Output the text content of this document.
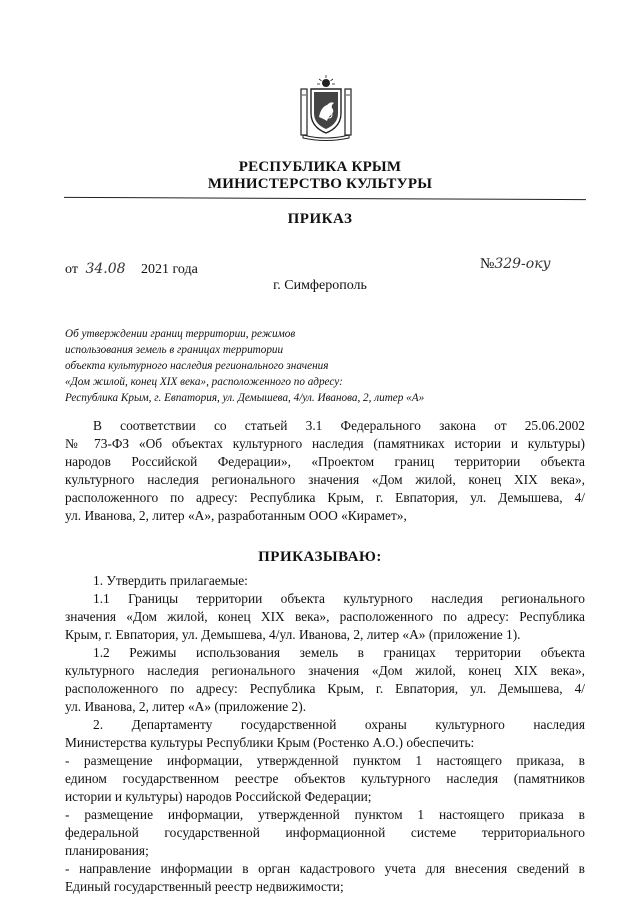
РЕСПУБЛИКА КРЫМ
МИНИСТЕРСТВО КУЛЬТУРЫ
ПРИКАЗ
от 34.08 2021 года	№329-оку
г. Симферополь
Об утверждении границ территории, режимов
использования земель в границах территории
объекта культурного наследия регионального значения
«Дом жилой, конец XIX века», расположенного по адресу:
Республика Крым, г. Евпатория, ул. Демышева, 4/ул. Иванова, 2, литер «А»
В соответствии со статьей 3.1 Федерального закона от 25.06.2002
№ 73-ФЗ «Об объектах культурного наследия (памятниках истории и культуры)
народов Российской Федерации», «Проектом границ территории объекта
культурного наследия регионального значения «Дом жилой, конец XIX века»,
расположенного по адресу: Республика Крым, г. Евпатория, ул. Демышева, 4/
ул. Иванова, 2, литер «А», разработанным ООО «Кирамет»,
ПРИКАЗЫВАЮ:
1. Утвердить прилагаемые:
1.1 Границы территории объекта культурного наследия регионального
значения «Дом жилой, конец XIX века», расположенного по адресу: Республика
Крым, г. Евпатория, ул. Демышева, 4/ул. Иванова, 2, литер «А» (приложение 1).
1.2 Режимы использования земель в границах территории объекта
культурного наследия регионального значения «Дом жилой, конец XIX века»,
расположенного по адресу: Республика Крым, г. Евпатория, ул. Демышева, 4/
ул. Иванова, 2, литер «А» (приложение 2).
2. Департаменту государственной охраны культурного наследия
Министерства культуры Республики Крым (Ростенко А.О.) обеспечить:
- размещение информации, утвержденной пунктом 1 настоящего приказа, в
едином государственном реестре объектов культурного наследия (памятников
истории и культуры) народов Российской Федерации;
- размещение информации, утвержденной пунктом 1 настоящего приказа в
федеральной государственной информационной системе территориального
планирования;
- направление информации в орган кадастрового учета для внесения сведений в
Единый государственный реестр недвижимости;
